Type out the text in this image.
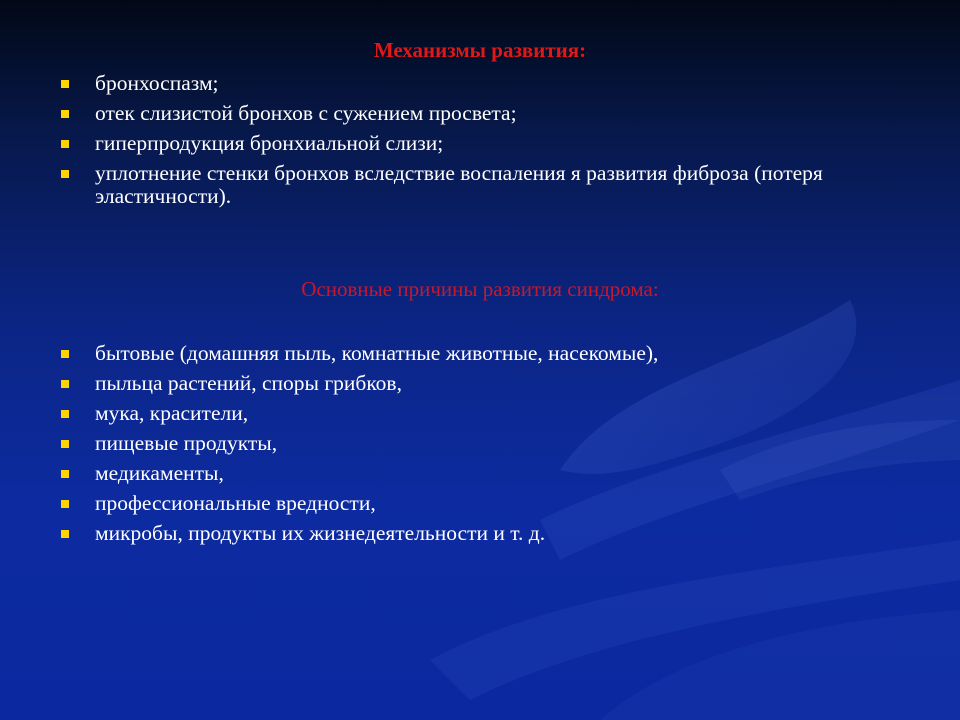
Механизмы развития:
бронхоспазм;
отек слизистой бронхов с сужением просвета;
гиперпродукция бронхиальной слизи;
уплотнение стенки бронхов вследствие воспаления я развития фиброза (потеря эластичности).
Основные причины развития синдрома:
бытовые (домашняя пыль, комнатные животные, насекомые),
пыльца растений, споры грибков,
мука, красители,
пищевые продукты,
медикаменты,
профессиональные вредности,
микробы, продукты их жизнедеятельности и т. д.
